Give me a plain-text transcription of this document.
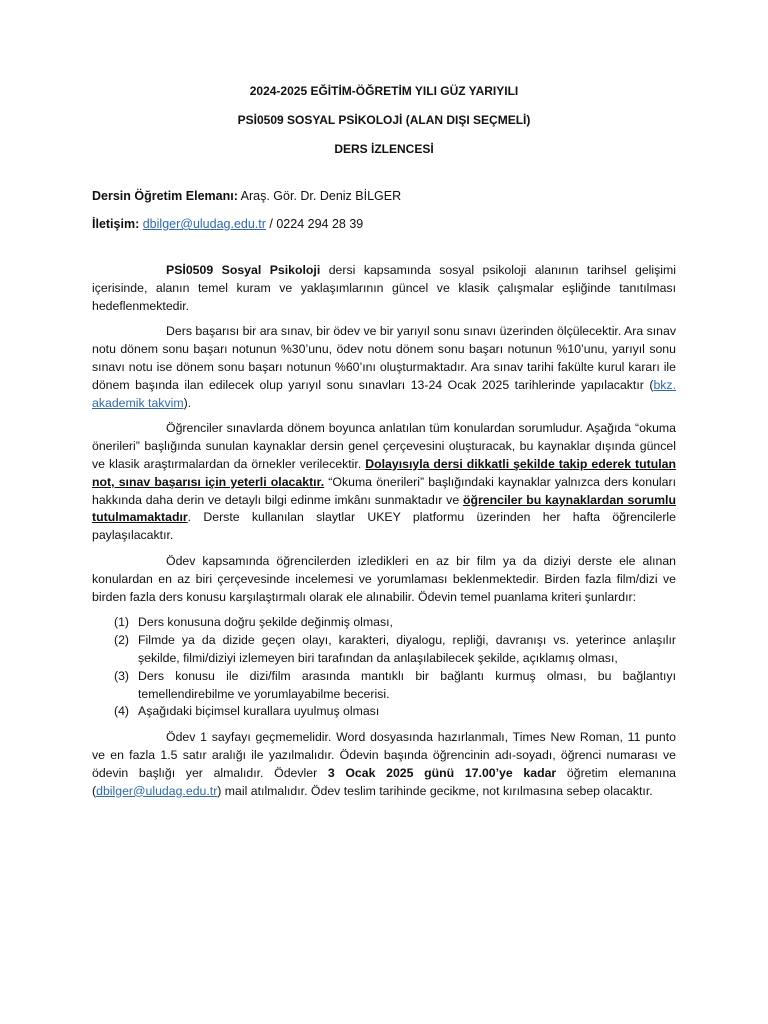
2024-2025 EĞİTİM-ÖĞRETİM YILI GÜZ YARIYILI

PSİ0509 SOSYAL PSİKOLOJİ (ALAN DIŞI SEÇMELİ)

DERS İZLENCESİ

Dersin Öğretim Elemanı: Araş. Gör. Dr. Deniz BİLGER

İletişim: dbilger@uludag.edu.tr / 0224 294 28 39

PSİ0509 Sosyal Psikoloji dersi kapsamında sosyal psikoloji alanının tarihsel gelişimi içerisinde, alanın temel kuram ve yaklaşımlarının güncel ve klasik çalışmalar eşliğinde tanıtılması hedeflenmektedir.

Ders başarısı bir ara sınav, bir ödev ve bir yarıyıl sonu sınavı üzerinden ölçülecektir. Ara sınav notu dönem sonu başarı notunun %30’unu, ödev notu dönem sonu başarı notunun %10’unu, yarıyıl sonu sınavı notu ise dönem sonu başarı notunun %60’ını oluşturmaktadır. Ara sınav tarihi fakülte kurul kararı ile dönem başında ilan edilecek olup yarıyıl sonu sınavları 13-24 Ocak 2025 tarihlerinde yapılacaktır (bkz. akademik takvim).

Öğrenciler sınavlarda dönem boyunca anlatılan tüm konulardan sorumludur. Aşağıda “okuma önerileri” başlığında sunulan kaynaklar dersin genel çerçevesini oluşturacak, bu kaynaklar dışında güncel ve klasik araştırmalardan da örnekler verilecektir. Dolayısıyla dersi dikkatli şekilde takip ederek tutulan not, sınav başarısı için yeterli olacaktır. “Okuma önerileri” başlığındaki kaynaklar yalnızca ders konuları hakkında daha derin ve detaylı bilgi edinme imkânı sunmaktadır ve öğrenciler bu kaynaklardan sorumlu tutulmamaktadır. Derste kullanılan slaytlar UKEY platformu üzerinden her hafta öğrencilerle paylaşılacaktır.

Ödev kapsamında öğrencilerden izledikleri en az bir film ya da diziyi derste ele alınan konulardan en az biri çerçevesinde incelemesi ve yorumlaması beklenmektedir. Birden fazla film/dizi ve birden fazla ders konusu karşılaştırmalı olarak ele alınabilir. Ödevin temel puanlama kriteri şunlardır:

(1) Ders konusuna doğru şekilde değinmiş olması,
(2) Filmde ya da dizide geçen olayı, karakteri, diyalogu, repliği, davranışı vs. yeterince anlaşılır şekilde, filmi/diziyi izlemeyen biri tarafından da anlaşılabilecek şekilde, açıklamış olması,
(3) Ders konusu ile dizi/film arasında mantıklı bir bağlantı kurmuş olması, bu bağlantıyı temellendirebilme ve yorumlayabilme becerisi.
(4) Aşağıdaki biçimsel kurallara uyulmuş olması

Ödev 1 sayfayı geçmemelidir. Word dosyasında hazırlanmalı, Times New Roman, 11 punto ve en fazla 1.5 satır aralığı ile yazılmalıdır. Ödevin başında öğrencinin adı-soyadı, öğrenci numarası ve ödevin başlığı yer almalıdır. Ödevler 3 Ocak 2025 günü 17.00’ye kadar öğretim elemanına (dbilger@uludag.edu.tr) mail atılmalıdır. Ödev teslim tarihinde gecikme, not kırılmasına sebep olacaktır.
